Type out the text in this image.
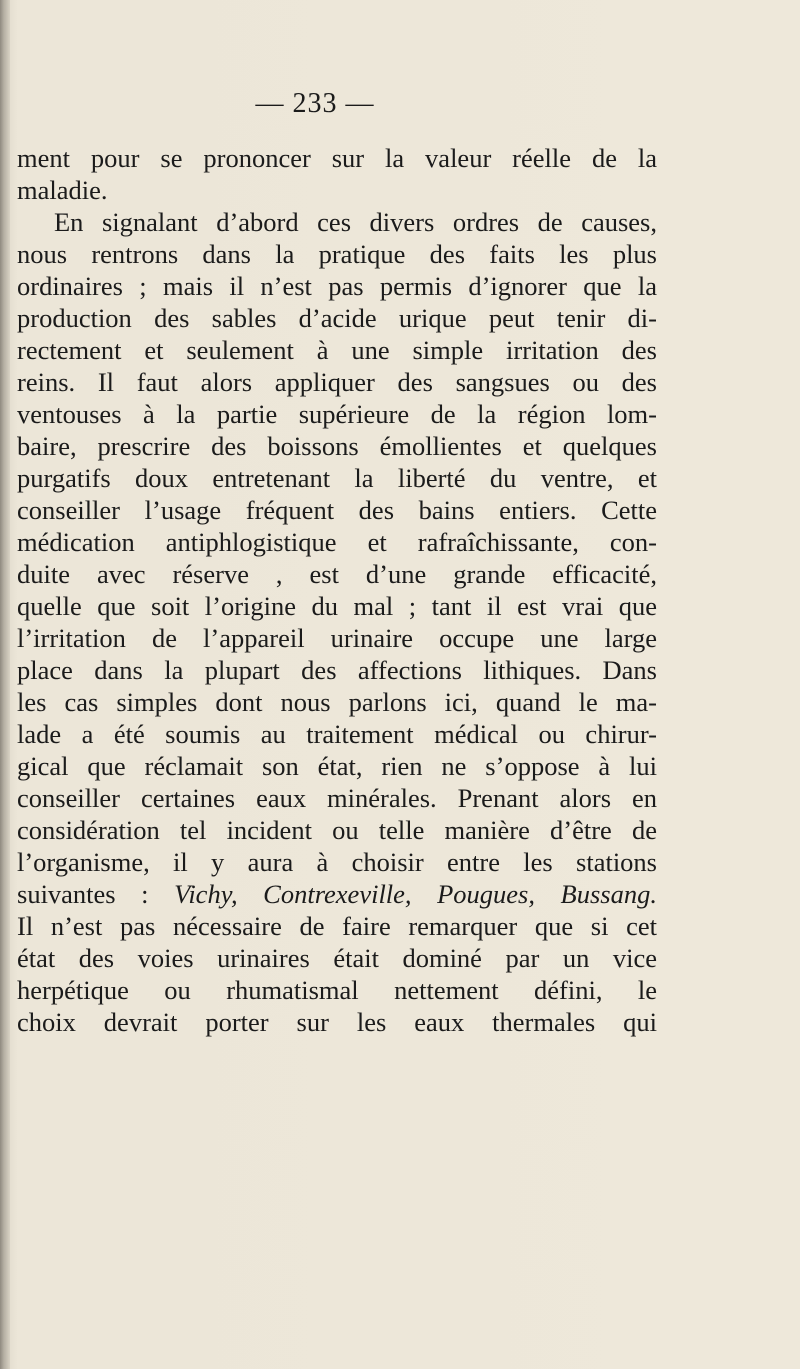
— 233 —
ment pour se prononcer sur la valeur réelle de la
maladie.
En signalant d’abord ces divers ordres de causes,
nous rentrons dans la pratique des faits les plus
ordinaires ; mais il n’est pas permis d’ignorer que la
production des sables d’acide urique peut tenir di-
rectement et seulement à une simple irritation des
reins. Il faut alors appliquer des sangsues ou des
ventouses à la partie supérieure de la région lom-
baire, prescrire des boissons émollientes et quelques
purgatifs doux entretenant la liberté du ventre, et
conseiller l’usage fréquent des bains entiers. Cette
médication antiphlogistique et rafraîchissante, con-
duite avec réserve , est d’une grande efficacité,
quelle que soit l’origine du mal ; tant il est vrai que
l’irritation de l’appareil urinaire occupe une large
place dans la plupart des affections lithiques. Dans
les cas simples dont nous parlons ici, quand le ma-
lade a été soumis au traitement médical ou chirur-
gical que réclamait son état, rien ne s’oppose à lui
conseiller certaines eaux minérales. Prenant alors en
considération tel incident ou telle manière d’être de
l’organisme, il y aura à choisir entre les stations
suivantes : Vichy, Contrexeville, Pougues, Bussang.
Il n’est pas nécessaire de faire remarquer que si cet
état des voies urinaires était dominé par un vice
herpétique ou rhumatismal nettement défini, le
choix devrait porter sur les eaux thermales qui
